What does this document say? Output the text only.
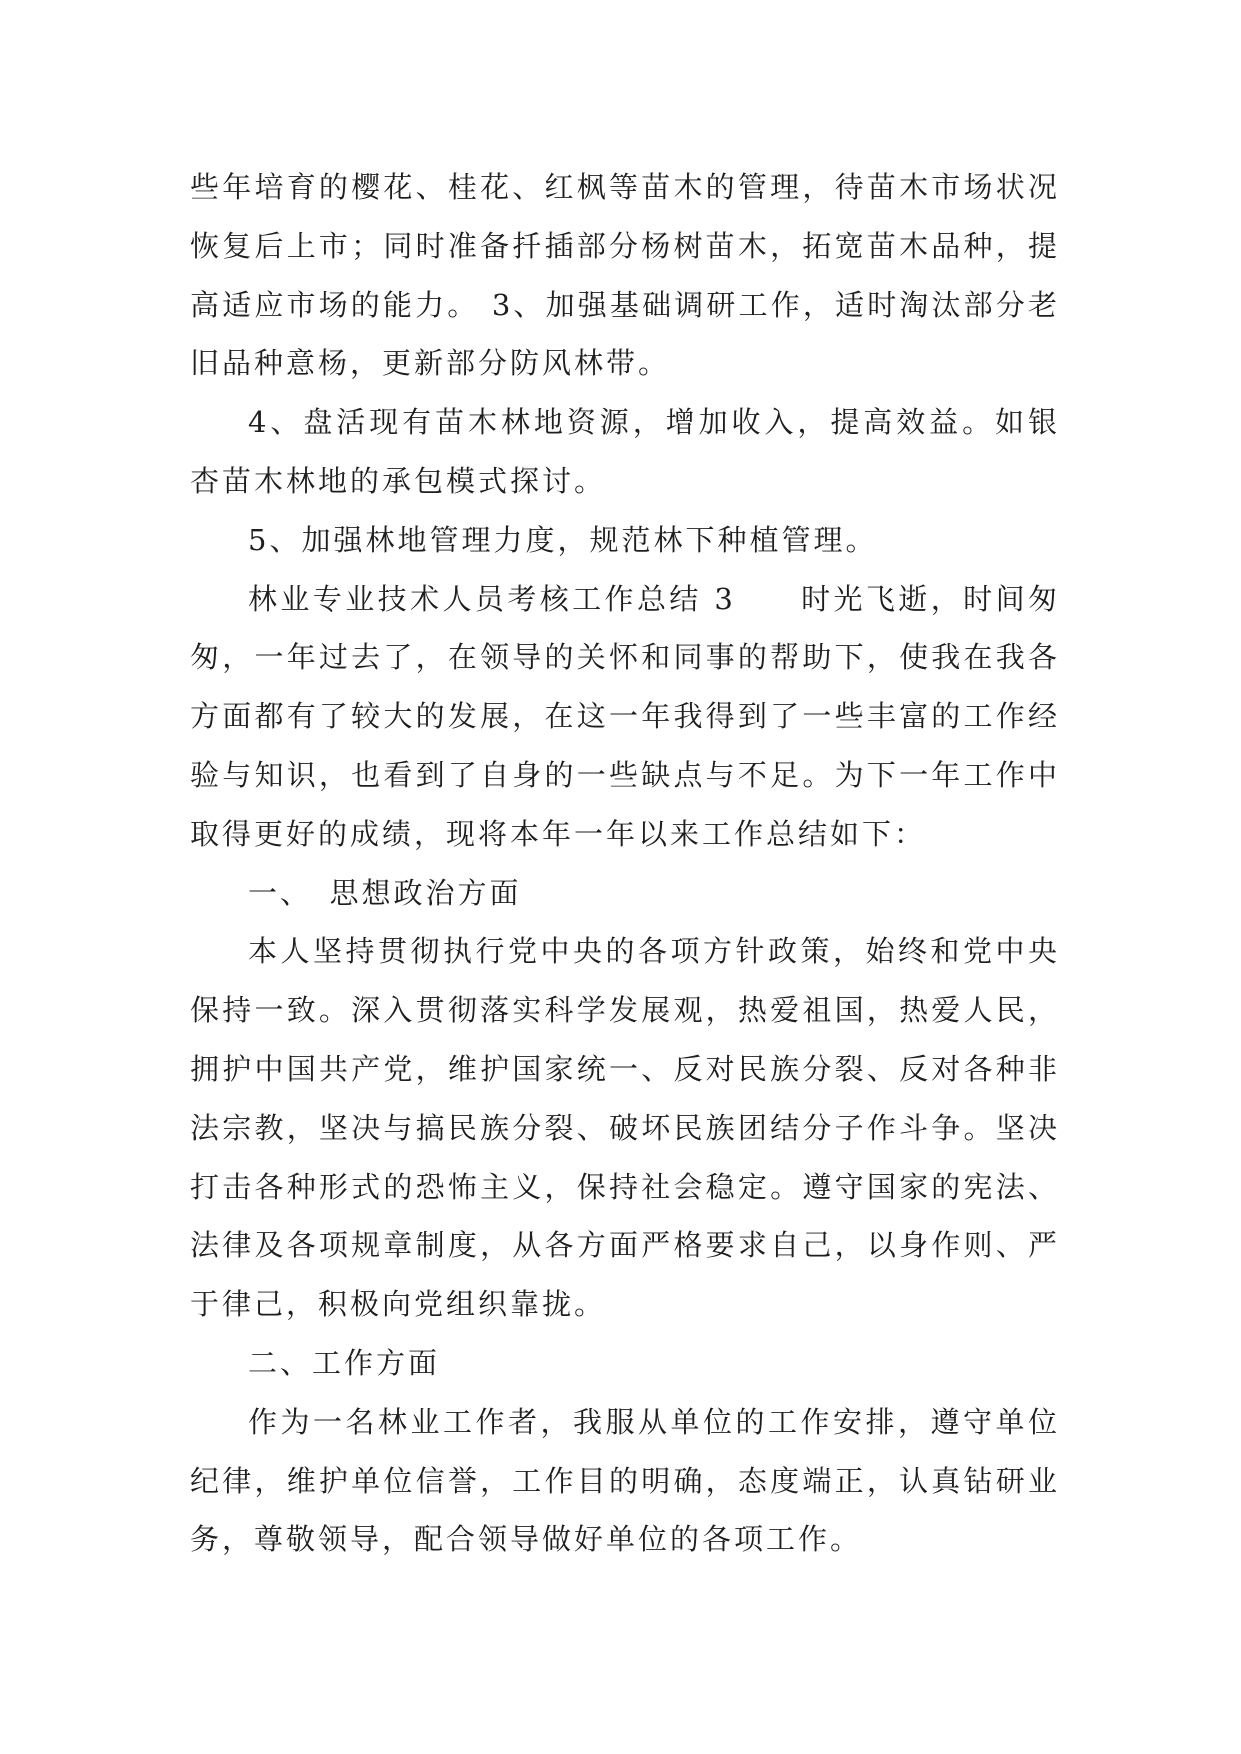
些年培育的樱花、桂花、红枫等苗木的管理，待苗木市场状况恢复后上市；同时准备扦插部分杨树苗木，拓宽苗木品种，提高适应市场的能力。 3、加强基础调研工作，适时淘汰部分老旧品种意杨，更新部分防风林带。

4、盘活现有苗木林地资源，增加收入，提高效益。如银杏苗木林地的承包模式探讨。

5、加强林地管理力度，规范林下种植管理。

林业专业技术人员考核工作总结 3　　时光飞逝，时间匆匆，一年过去了，在领导的关怀和同事的帮助下，使我在我各方面都有了较大的发展，在这一年我得到了一些丰富的工作经验与知识，也看到了自身的一些缺点与不足。为下一年工作中取得更好的成绩，现将本年一年以来工作总结如下：

一、　思想政治方面

本人坚持贯彻执行党中央的各项方针政策，始终和党中央保持一致。深入贯彻落实科学发展观，热爱祖国，热爱人民，拥护中国共产党，维护国家统一、反对民族分裂、反对各种非法宗教，坚决与搞民族分裂、破坏民族团结分子作斗争。坚决打击各种形式的恐怖主义，保持社会稳定。遵守国家的宪法、法律及各项规章制度，从各方面严格要求自己，以身作则、严于律己，积极向党组织靠拢。

二、工作方面

作为一名林业工作者，我服从单位的工作安排，遵守单位纪律，维护单位信誉，工作目的明确，态度端正，认真钻研业务，尊敬领导，配合领导做好单位的各项工作。
